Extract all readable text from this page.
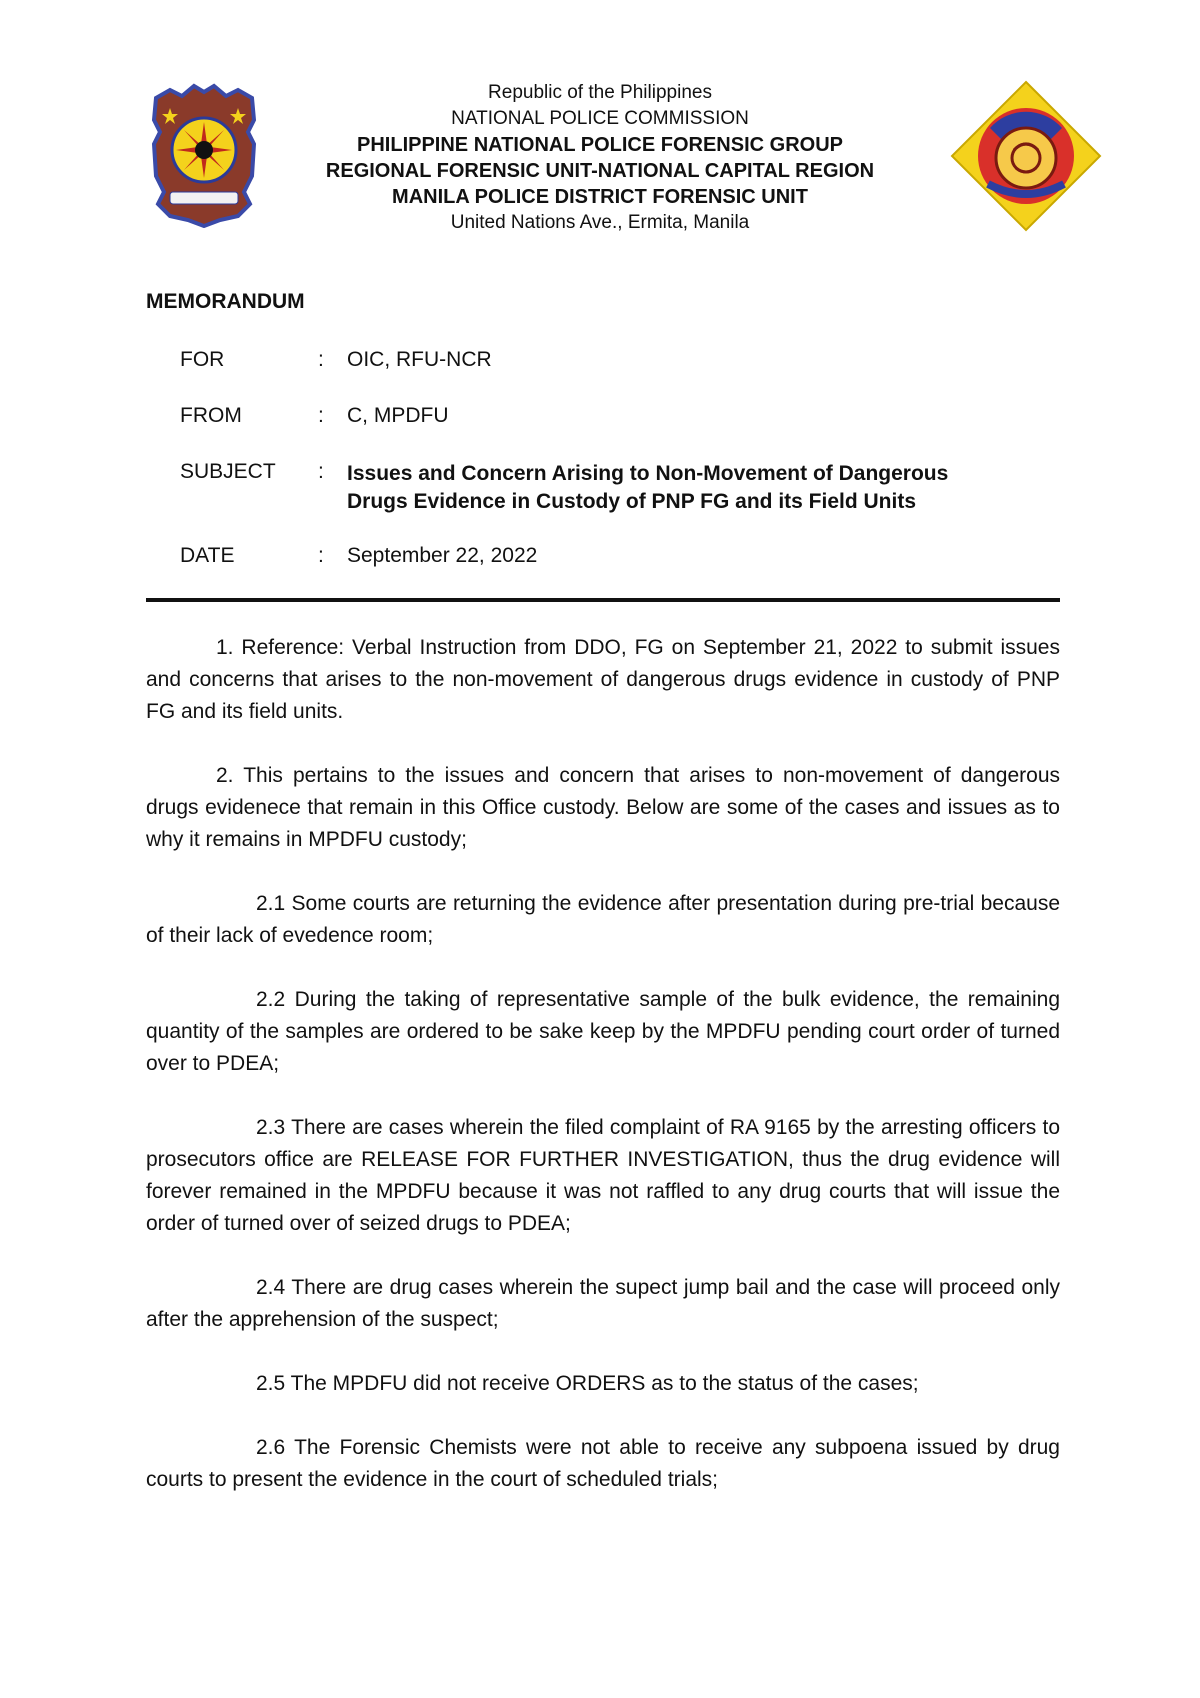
Republic of the Philippines
NATIONAL POLICE COMMISSION
PHILIPPINE NATIONAL POLICE FORENSIC GROUP
REGIONAL FORENSIC UNIT-NATIONAL CAPITAL REGION
MANILA POLICE DISTRICT FORENSIC UNIT
United Nations Ave., Ermita, Manila
MEMORANDUM
FOR	: OIC, RFU-NCR
FROM	: C, MPDFU
SUBJECT : Issues and Concern Arising to Non-Movement of Dangerous
Drugs Evidence in Custody of PNP FG and its Field Units
DATE	: September 22, 2022

1. Reference: Verbal Instruction from DDO, FG on September 21, 2022 to submit issues and concerns that arises to the non-movement of dangerous drugs evidence in custody of PNP FG and its field units.

2. This pertains to the issues and concern that arises to non-movement of dangerous drugs evidenece that remain in this Office custody. Below are some of the cases and issues as to why it remains in MPDFU custody;

2.1 Some courts are returning the evidence after presentation during pre-trial because of their lack of evedence room;

2.2 During the taking of representative sample of the bulk evidence, the remaining quantity of the samples are ordered to be sake keep by the MPDFU pending court order of turned over to PDEA;

2.3 There are cases wherein the filed complaint of RA 9165 by the arresting officers to prosecutors office are RELEASE FOR FURTHER INVESTIGATION, thus the drug evidence will forever remained in the MPDFU because it was not raffled to any drug courts that will issue the order of turned over of seized drugs to PDEA;

2.4 There are drug cases wherein the supect jump bail and the case will proceed only after the apprehension of the suspect;

2.5 The MPDFU did not receive ORDERS as to the status of the cases;

2.6 The Forensic Chemists were not able to receive any subpoena issued by drug courts to present the evidence in the court of scheduled trials;
